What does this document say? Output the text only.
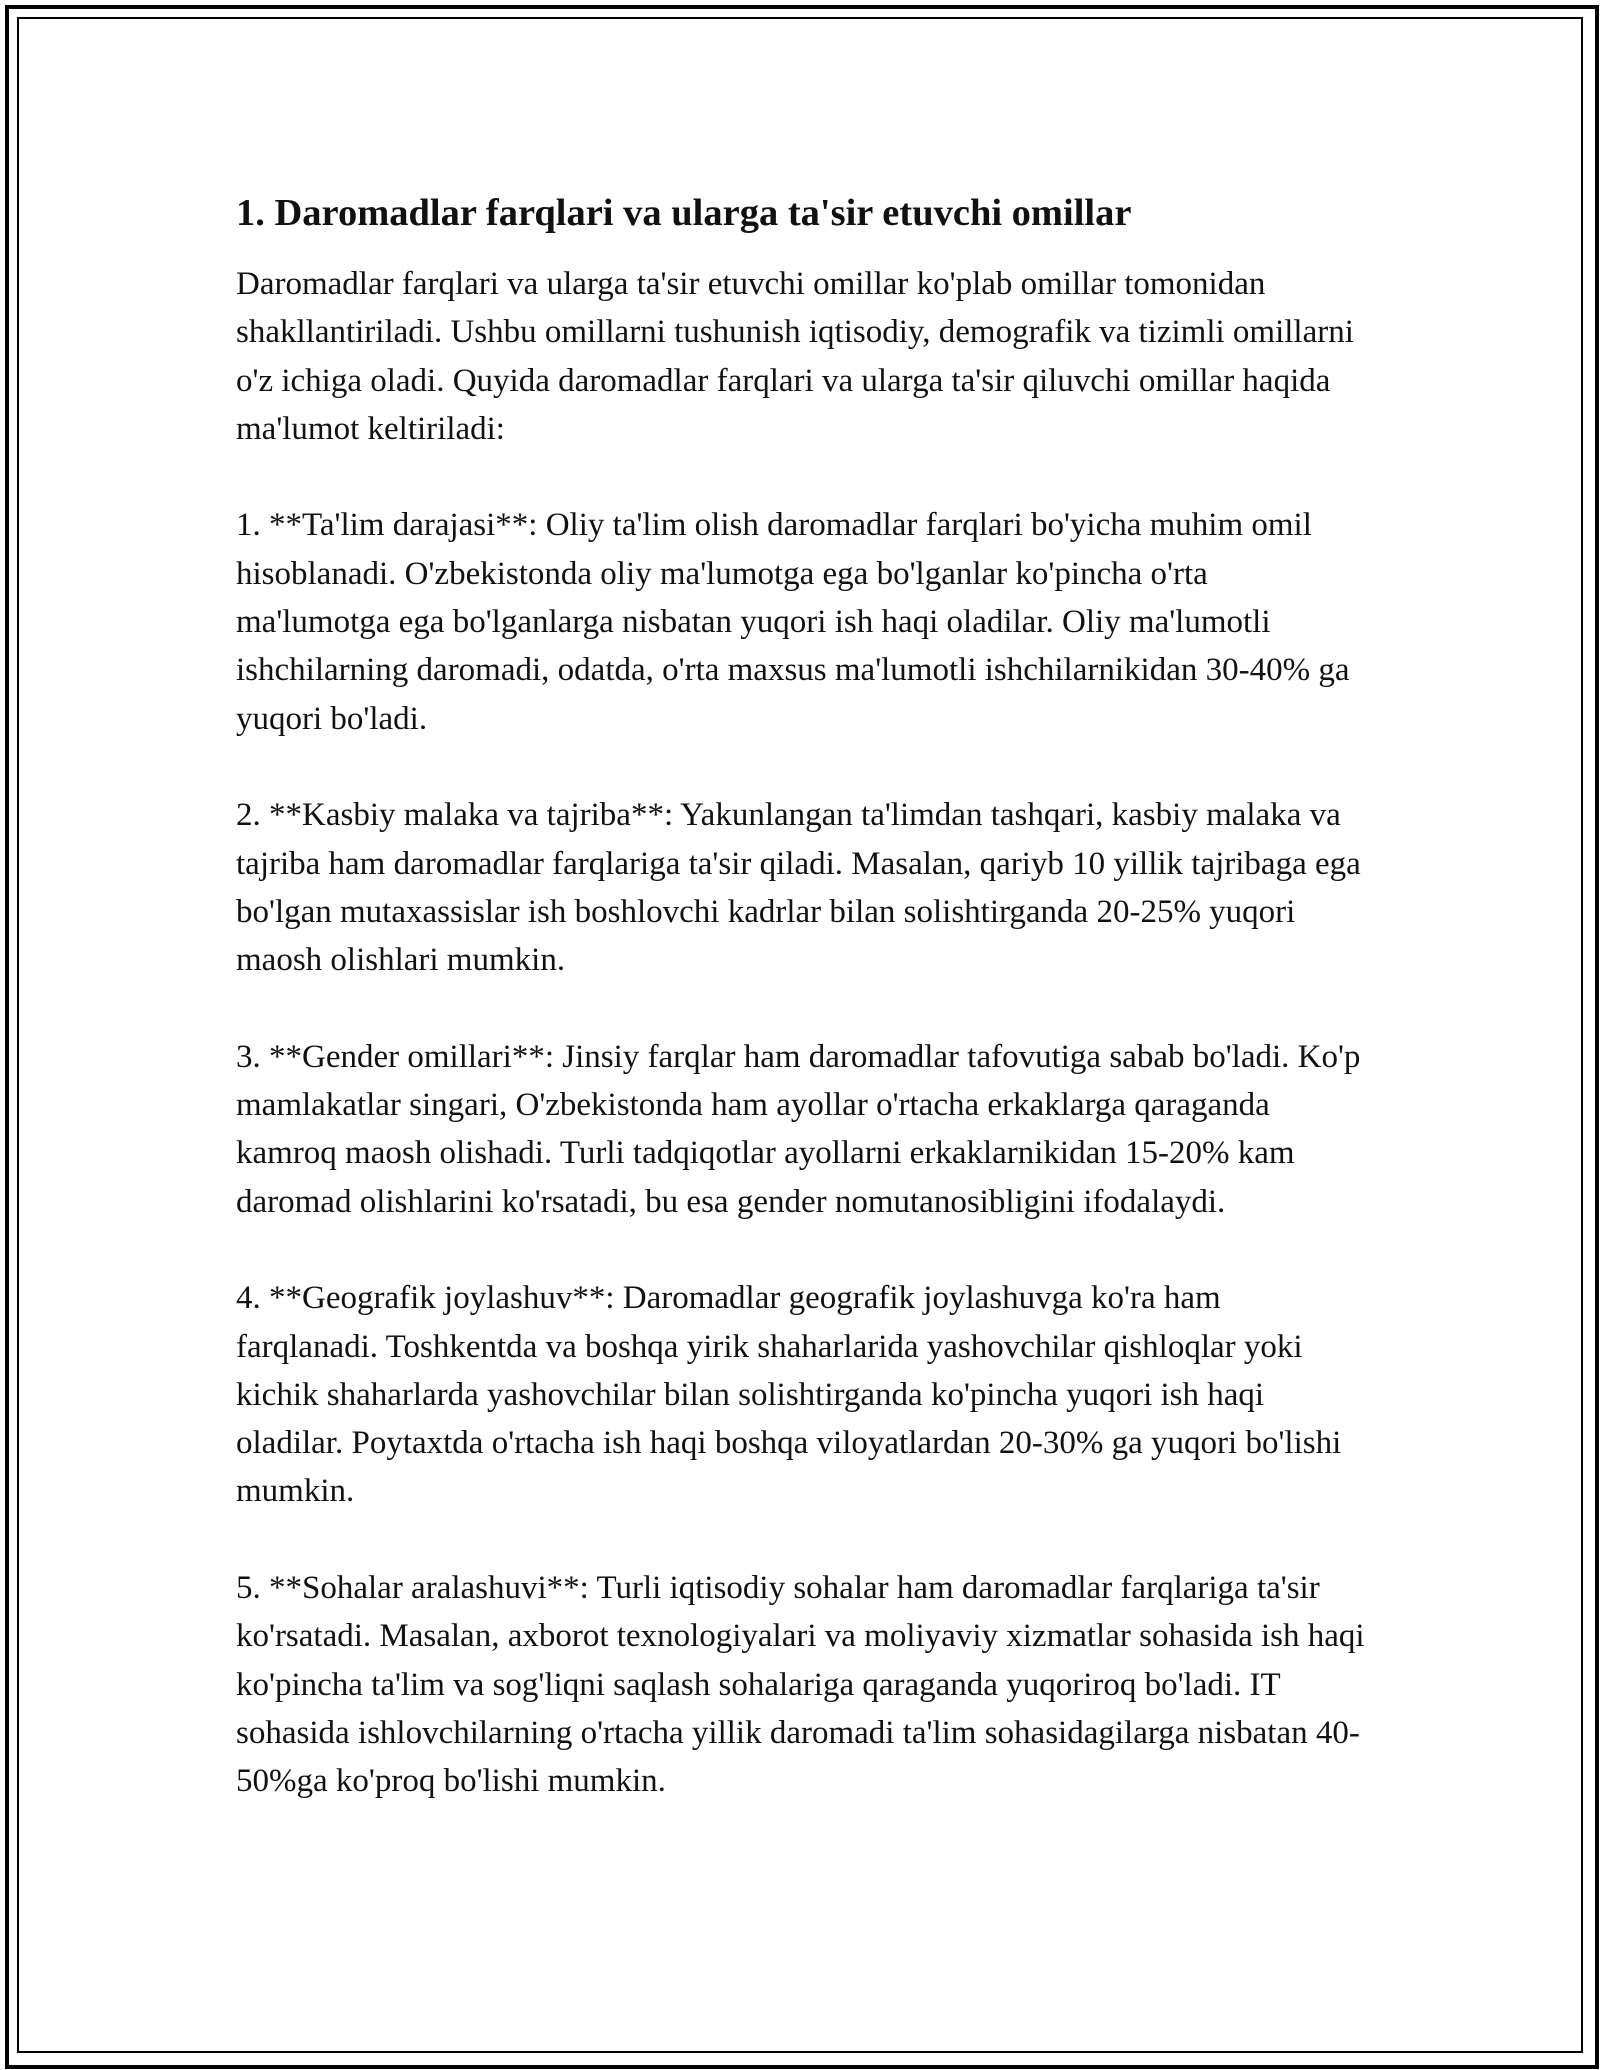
1. Daromadlar farqlari va ularga ta'sir etuvchi omillar

Daromadlar farqlari va ularga ta'sir etuvchi omillar ko'plab omillar tomonidan shakllantiriladi. Ushbu omillarni tushunish iqtisodiy, demografik va tizimli omillarni o'z ichiga oladi. Quyida daromadlar farqlari va ularga ta'sir qiluvchi omillar haqida ma'lumot keltiriladi:

1. **Ta'lim darajasi**: Oliy ta'lim olish daromadlar farqlari bo'yicha muhim omil hisoblanadi. O'zbekistonda oliy ma'lumotga ega bo'lganlar ko'pincha o'rta ma'lumotga ega bo'lganlarga nisbatan yuqori ish haqi oladilar. Oliy ma'lumotli ishchilarning daromadi, odatda, o'rta maxsus ma'lumotli ishchilarnikidan 30-40% ga yuqori bo'ladi.

2. **Kasbiy malaka va tajriba**: Yakunlangan ta'limdan tashqari, kasbiy malaka va tajriba ham daromadlar farqlariga ta'sir qiladi. Masalan, qariyb 10 yillik tajribaga ega bo'lgan mutaxassislar ish boshlovchi kadrlar bilan solishtirganda 20-25% yuqori maosh olishlari mumkin.

3. **Gender omillari**: Jinsiy farqlar ham daromadlar tafovutiga sabab bo'ladi. Ko'p mamlakatlar singari, O'zbekistonda ham ayollar o'rtacha erkaklarga qaraganda kamroq maosh olishadi. Turli tadqiqotlar ayollarni erkaklarnikidan 15-20% kam daromad olishlarini ko'rsatadi, bu esa gender nomutanosibligini ifodalaydi.

4. **Geografik joylashuv**: Daromadlar geografik joylashuvga ko'ra ham farqlanadi. Toshkentda va boshqa yirik shaharlarida yashovchilar qishloqlar yoki kichik shaharlarda yashovchilar bilan solishtirganda ko'pincha yuqori ish haqi oladilar. Poytaxtda o'rtacha ish haqi boshqa viloyatlardan 20-30% ga yuqori bo'lishi mumkin.

5. **Sohalar aralashuvi**: Turli iqtisodiy sohalar ham daromadlar farqlariga ta'sir ko'rsatadi. Masalan, axborot texnologiyalari va moliyaviy xizmatlar sohasida ish haqi ko'pincha ta'lim va sog'liqni saqlash sohalariga qaraganda yuqoriroq bo'ladi. IT sohasida ishlovchilarning o'rtacha yillik daromadi ta'lim sohasidagilarga nisbatan 40-50%ga ko'proq bo'lishi mumkin.
